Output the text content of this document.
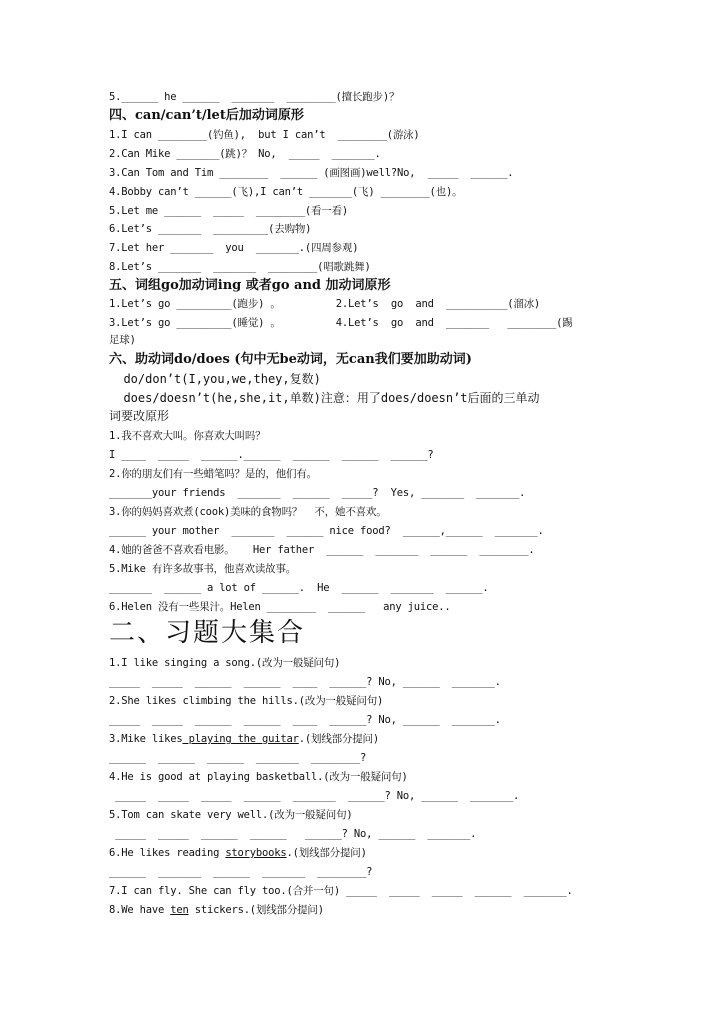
5.______ he ______  _______  ________(擅长跑步)？
四、can/can’t/let后加动词原形
1.I can ________(钓鱼),  but I can’t  ________(游泳)
2.Can Mike _______(跳)？ No,  _____  _______.
3.Can Tom and Tim ________  ______ (画图画)well?No,  _____  ______.
4.Bobby can’t ______(飞),I can’t _______(飞) ________(也)。
5.Let me ______  _____  ________(看一看)
6.Let’s _______  _________(去购物)
7.Let her _______  you  _______.(四周参观)
8.Let’s _______  _______  ________(唱歌跳舞)
五、词组go加动词ing 或者go and 加动词原形
1.Let’s go _________(跑步) 。         2.Let’s  go  and  __________(溜冰)
3.Let’s go _________(睡觉) 。         4.Let’s  go  and  _______   ________(踢
足球)
六、助动词do/does (句中无be动词，无can我们要加助动词)
do/don’t(I,you,we,they,复数)
does/doesn’t(he,she,it,单数)注意：用了does/doesn’t后面的三单动
词要改原形
1.我不喜欢大叫。你喜欢大叫吗？
I ____  _____  ______.______  ______  ______  ______?
2.你的朋友们有一些蜡笔吗？是的，他们有。
_______your friends  _______  ______  _____?  Yes, _______  _______.
3.你的妈妈喜欢煮(cook)美味的食物吗？  不，她不喜欢。
______ your mother  _______  ______ nice food?  ______,______  _______.
4.她的爸爸不喜欢看电影。   Her father  ______  _______  ______  ________.
5.Mike 有许多故事书，他喜欢读故事。
_______  ______ a lot of ______.  He  ______  _______  ______.
6.Helen 没有一些果汁。Helen ________  ______   any juice..
二、习题大集合
1.I like singing a song.(改为一般疑问句)
_____  _____  ______  ______  ____  ______? No, ______  _______.
2.She likes climbing the hills.(改为一般疑问句)
_____  _____  ______  ______  ____  ______? No, ______  _______.
3.Mike likes playing the guitar.(划线部分提问)
______  ______  ______  _______  ________?
4.He is good at playing basketball.(改为一般疑问句)
_____  _____  _____  ______  _______  ______? No, ______  _______.
5.Tom can skate very well.(改为一般疑问句)
_____  _____  ______  ______   ______? No, ______  _______.
6.He likes reading storybooks.(划线部分提问)
______  _______  ______  _______  ________?
7.I can fly. She can fly too.(合并一句) _____  _____  _____  ______  _______.
8.We have ten stickers.(划线部分提问)
